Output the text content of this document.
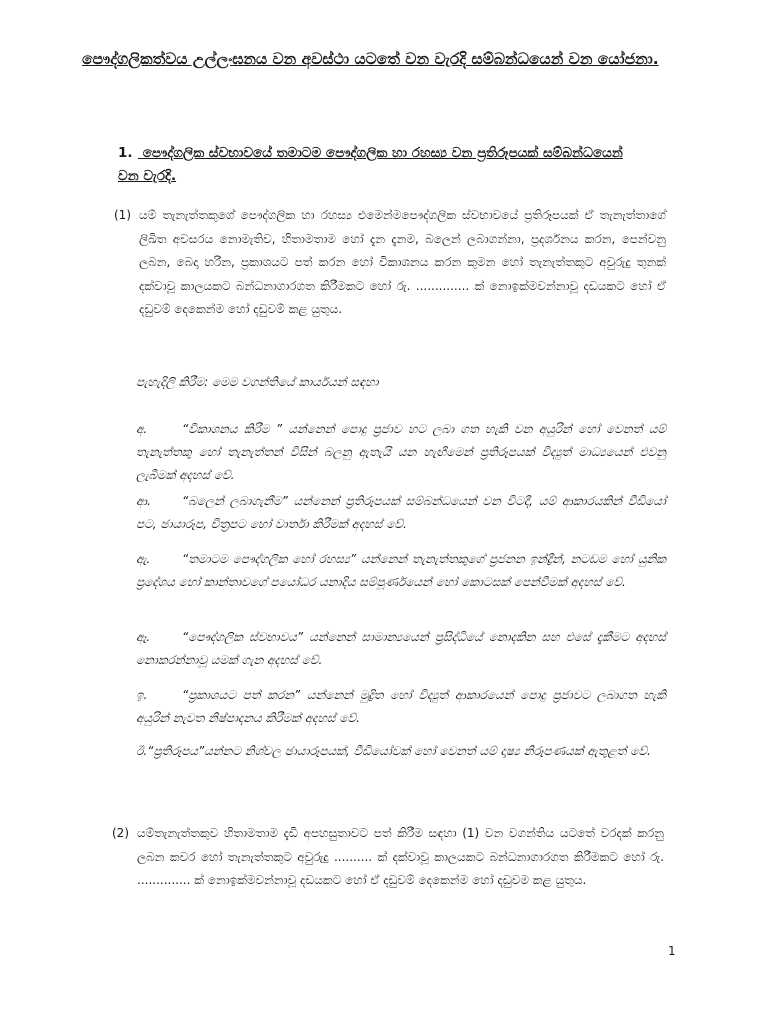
පෞද්ගලිකත්වය උල්ලංඝනය වන අවස්ථා යටතේ වන වැරදි සම්බන්ධයෙන් වන යෝජනා.

1. පෞද්ගලික ස්වභාවයේ තමාටම පෞද්ගලික හා රහස්‍ය වන ප්‍රතිරූපයක් සම්බන්ධයෙන් වන වැරදි.

(1) යම් තැනැත්තකුගේ පෞද්ගලික හා රහස්‍ය එමෙන්මපෞද්ගලික ස්වභාවයේ ප්‍රතිරූපයක් ඒ තැනැත්තාගේ ලිඛිත අවසරය නොමැතිව, හිතාමතාම හෝ දැන දැනම, බලෙන් ලබාගන්නා, ප්‍රදර්ශනය කරන, පෙන්වනු ලබන, බෙදා හරින, ප්‍රකාශයට පත් කරන හෝ විකාශනය කරන කුමන හෝ තැනැත්තකුට අවුරුදු තුනක් දක්වාවූ කාලයකට බන්ධනාගාරගත කිරීමකට හෝ රු. .............. ක් නොඉක්මවන්නාවූ දඩයකට හෝ ඒ දඩුවම් දෙකෙන්ම හෝ දඩුවම් කළ යුතුය.

පැහැදිලි කිරීම: මෙම වගන්තියේ කාර්යයන් සඳහා

අ.	“විකාශනය කිරීම ” යන්නෙන් පොදු ප්‍රජාව හට ලබා ගත හැකි වන අයුරින් හෝ වෙනත් යම් තැනැත්තකු හෝ තැනැත්තන් විසින් බලනු ඇතැයි යන හැඟීමෙන් ප්‍රතිරූපයක් විද්‍යුත් මාධ්‍යයෙන් එවනු ලැබීමක් අදහස් වේ.

ආ.	“බලෙන් ලබාගැනීම” යන්නෙන් ප්‍රතිරූපයක් සම්බන්ධයෙන් වන විටදී, යම් ආකාරයකින් වීඩියෝ පට, ඡායාරූප, චිත්‍රපට හෝ වාර්තා කිරීමක් අදහස් වේ.

ඇ.	“තමාටම පෞද්ගලික හෝ රහස්‍ය” යන්නෙන් තැනැත්තකුගේ ප්‍රජනන ඉන්ද්‍රීන්, නටඩම හෝ යුනික ප්‍රදේශය හෝ කාන්තාවගේ පයෝධර යනාදිය සම්පූර්ණයෙන් හෝ කොටසක් පෙන්වීමක් අදහස් වේ.

ඈ.	“පෞද්ගලික ස්වභාවය” යන්නෙන් සාමාන්‍යයෙන් ප්‍රසිද්ධියේ නොදකින සහ එසේ දැකීමට අදහස් නොකරන්නාවූ යමක් ගැන අදහස් වේ.

ඉ.	“ප්‍රකාශයට පත් කරන” යන්නෙන් මුද්‍රිත හෝ විද්‍යුත් ආකාරයෙන් පොදු ප්‍රජාවට ලබාගත හැකි අයුරින් නැවත නිෂ්පාදනය කිරීමක් අදහස් වේ.

ඊ.“ප්‍රතිරූපය”යන්නට නිශ්චල ඡායාරූපයක්, වීඩියෝවක් හෝ වෙනත් යම් දෘෂ්‍ය නිරූපණයක් ඇතුළත් වේ.

(2) යම්තැනැත්තකුව හිතාමතාම දැඩි අපහසුතාවට පත් කිරීම සඳහා (1) වන වගන්තිය යටතේ වරදක් කරනු ලබන කවර හෝ තැනැත්තකුට අවුරුදු .......... ක් දක්වාවූ කාලයකට බන්ධනාගාරගත කිරීමකට හෝ රු. .............. ක් නොඉක්මවන්නාවූ දඩයකට හෝ ඒ දඩුවම් දෙකෙන්ම හෝ දඩුවම කළ යුතුය.

1
